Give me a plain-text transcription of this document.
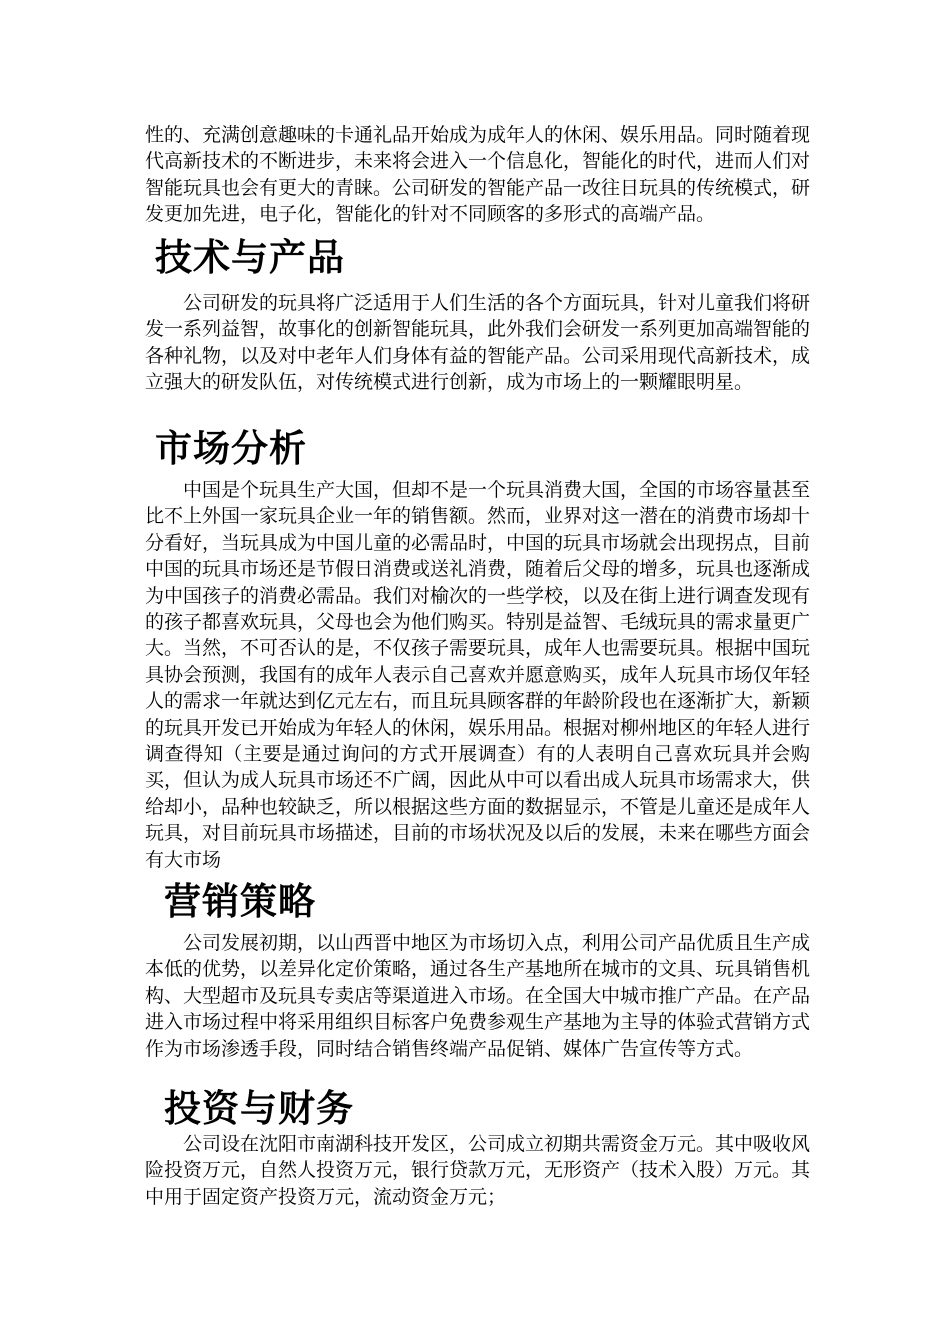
性的、充满创意趣味的卡通礼品开始成为成年人的休闲、娱乐用品。同时随着现代高新技术的不断进步，未来将会进入一个信息化，智能化的时代，进而人们对智能玩具也会有更大的青睐。公司研发的智能产品一改往日玩具的传统模式，研发更加先进，电子化，智能化的针对不同顾客的多形式的高端产品。

技术与产品

公司研发的玩具将广泛适用于人们生活的各个方面玩具，针对儿童我们将研发一系列益智，故事化的创新智能玩具，此外我们会研发一系列更加高端智能的各种礼物，以及对中老年人们身体有益的智能产品。公司采用现代高新技术，成立强大的研发队伍，对传统模式进行创新，成为市场上的一颗耀眼明星。

市场分析

中国是个玩具生产大国，但却不是一个玩具消费大国，全国的市场容量甚至比不上外国一家玩具企业一年的销售额。然而，业界对这一潜在的消费市场却十分看好，当玩具成为中国儿童的必需品时，中国的玩具市场就会出现拐点，目前中国的玩具市场还是节假日消费或送礼消费，随着后父母的增多，玩具也逐渐成为中国孩子的消费必需品。我们对榆次的一些学校，以及在街上进行调查发现有的孩子都喜欢玩具，父母也会为他们购买。特别是益智、毛绒玩具的需求量更广大。当然，不可否认的是，不仅孩子需要玩具，成年人也需要玩具。根据中国玩具协会预测，我国有的成年人表示自己喜欢并愿意购买，成年人玩具市场仅年轻人的需求一年就达到亿元左右，而且玩具顾客群的年龄阶段也在逐渐扩大，新颖的玩具开发已开始成为年轻人的休闲，娱乐用品。根据对柳州地区的年轻人进行调查得知（主要是通过询问的方式开展调查）有的人表明自己喜欢玩具并会购买，但认为成人玩具市场还不广阔，因此从中可以看出成人玩具市场需求大，供给却小，品种也较缺乏，所以根据这些方面的数据显示，不管是儿童还是成年人玩具，对目前玩具市场描述，目前的市场状况及以后的发展，未来在哪些方面会有大市场

营销策略

公司发展初期，以山西晋中地区为市场切入点，利用公司产品优质且生产成本低的优势，以差异化定价策略，通过各生产基地所在城市的文具、玩具销售机构、大型超市及玩具专卖店等渠道进入市场。在全国大中城市推广产品。在产品进入市场过程中将采用组织目标客户免费参观生产基地为主导的体验式营销方式作为市场渗透手段，同时结合销售终端产品促销、媒体广告宣传等方式。

投资与财务

公司设在沈阳市南湖科技开发区，公司成立初期共需资金万元。其中吸收风险投资万元，自然人投资万元，银行贷款万元，无形资产（技术入股）万元。其中用于固定资产投资万元，流动资金万元；
